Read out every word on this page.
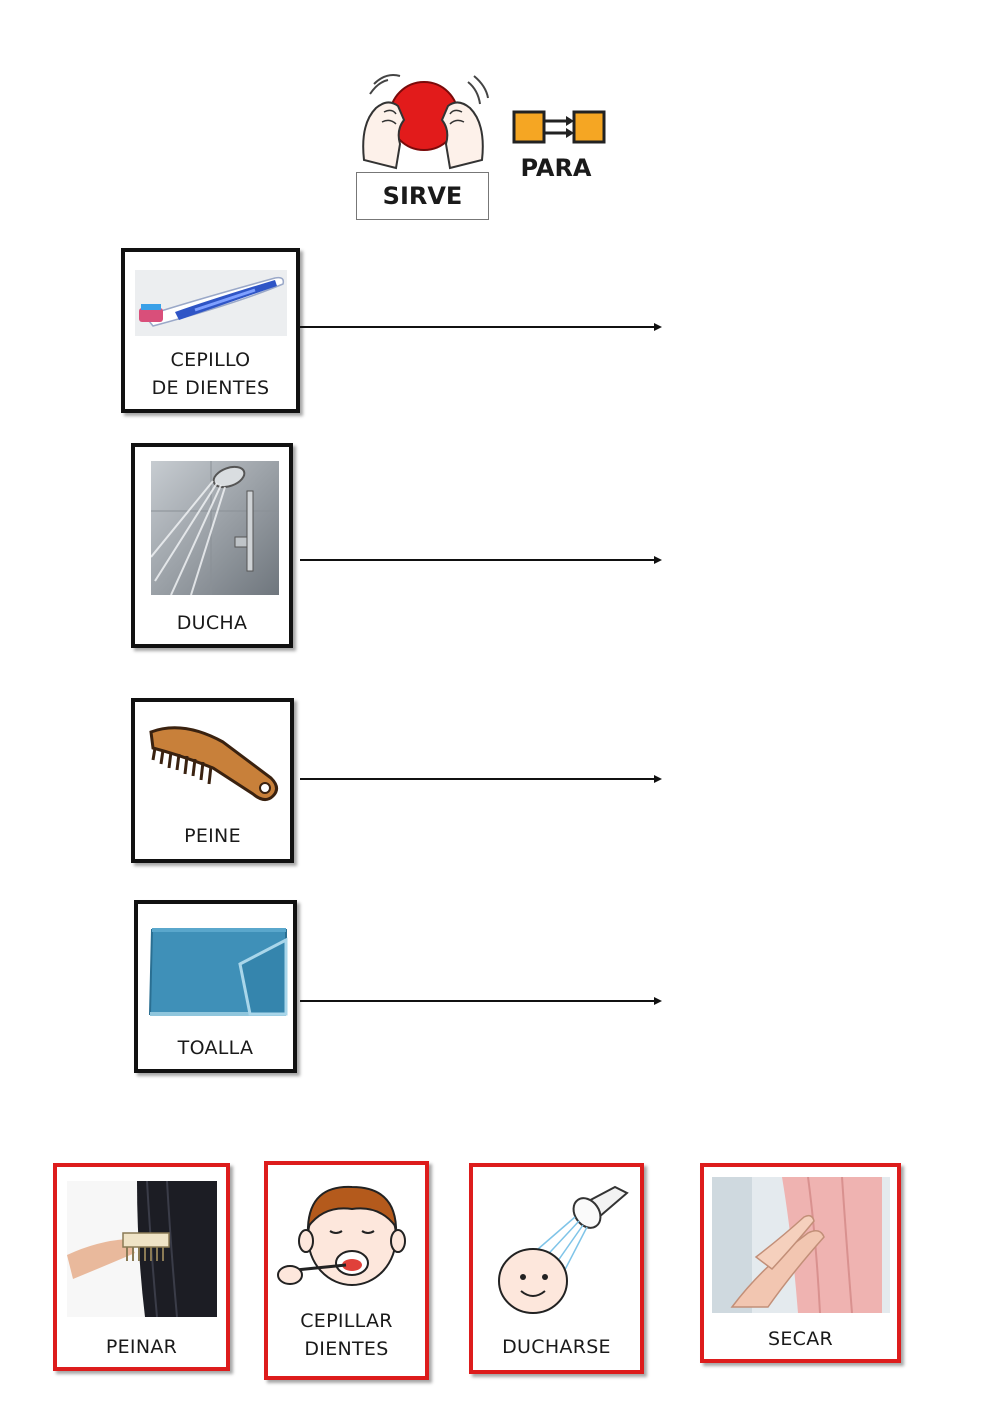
SIRVE
PARA
CEPILLO
DE DIENTES
DUCHA
PEINE
TOALLA
PEINAR
CEPILLAR
DIENTES	DUCHARSE	SECAR
